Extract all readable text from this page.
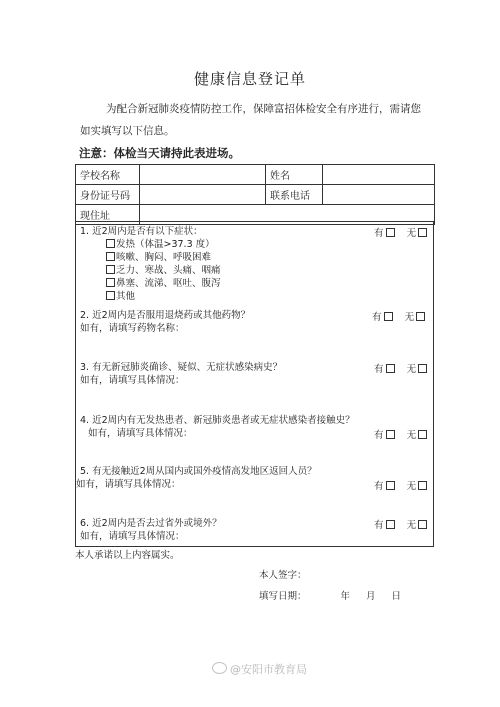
健康信息登记单
为配合新冠肺炎疫情防控工作，保障富招体检安全有序进行，需请您如实填写以下信息。
注意：体检当天请持此表进场。
学校名称		姓名	
身份证号码		联系电话	
现住址			
1. 近2周内是否有以下症状：
发热（体温>37.3 度）
咳嗽、胸闷、呼吸困难
乏力、寒战、头痛、咽痛
鼻塞、流涕、呕吐、腹泻
其他
有 无
2. 近2周内是否服用退烧药或其他药物？
如有，请填写药物名称：
有 无
3. 有无新冠肺炎确诊、疑似、无症状感染病史？
如有，请填写具体情况：
有 无
4. 近2周内有无发热患者、新冠肺炎患者或无症状感染者接触史？
如有，请填写具体情况：	有 无
5. 有无接触近2周从国内或国外疫情高发地区返回人员？
如有，请填写具体情况：	有 无
6. 近2周内是否去过省外或境外？
如有，请填写具体情况：
有 无
本人承诺以上内容属实。
本人签字：
填写日期：	年 月 日
@安阳市教育局
